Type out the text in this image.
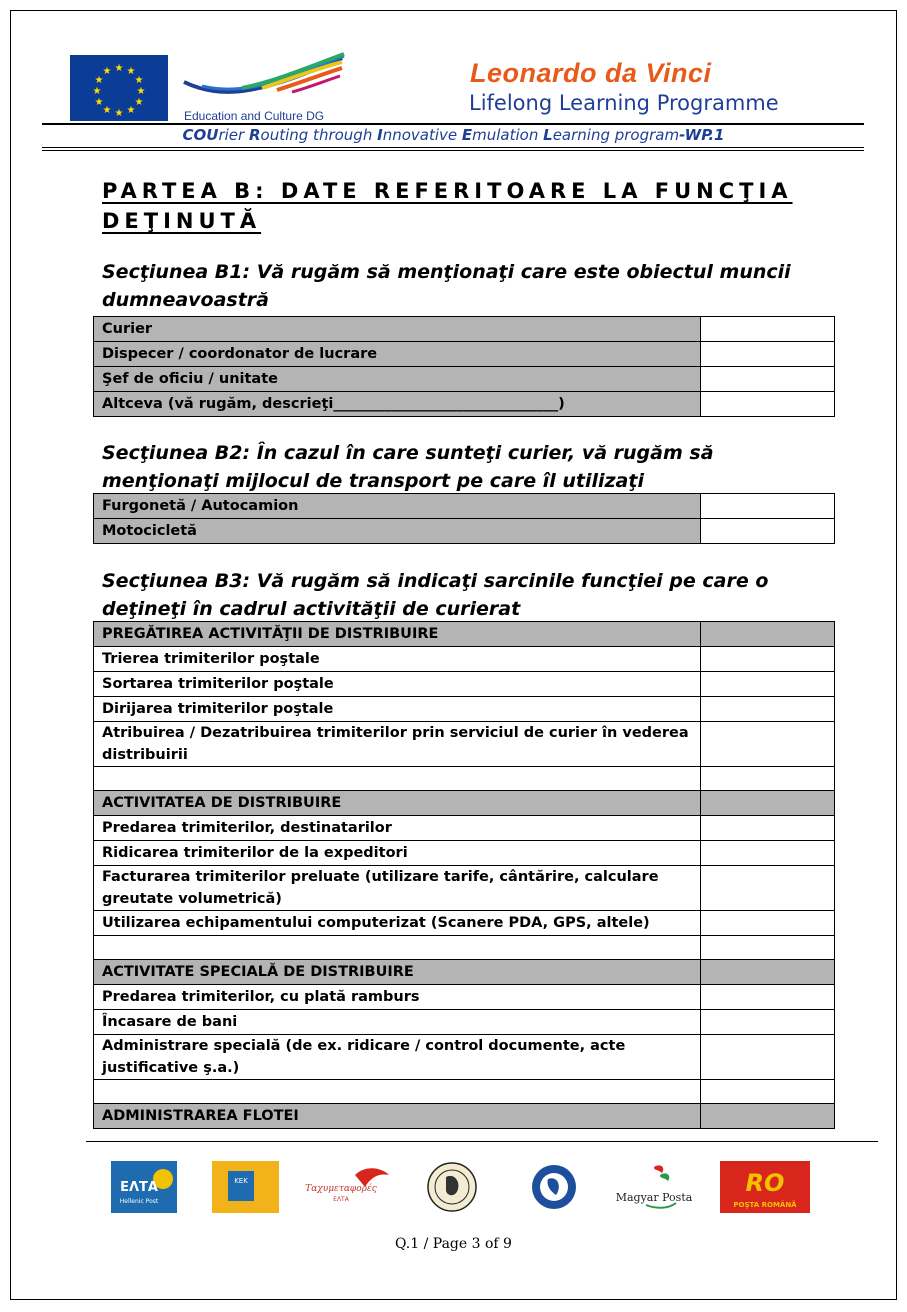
★ ★
★
★
★
★
★
★
★
★
★
★
Education and Culture DG
Leonardo da Vinci
Lifelong Learning Programme
COUrier Routing through Innovative Emulation Learning program-WP.1
PARTEA B: DATE REFERITOARE LA FUNCŢIA DEŢINUTĂ
Secţiunea B1: Vă rugăm să menţionaţi care este obiectul muncii dumneavoastră
Curier	
Dispecer / coordonator de lucrare	
Şef de oficiu / unitate	
Altceva (vă rugăm, descrieţi_______________________________)	
Secţiunea B2: În cazul în care sunteţi curier, vă rugăm să menţionaţi mijlocul de transport pe care îl utilizaţi
Furgonetă / Autocamion	
Motocicletă	
Secţiunea B3: Vă rugăm să indicaţi sarcinile funcţiei pe care o deţineţi în cadrul activităţii de curierat
PREGĂTIREA ACTIVITĂŢII DE DISTRIBUIRE	
Trierea trimiterilor poştale	
Sortarea trimiterilor poştale	
Dirijarea trimiterilor poştale	
Atribuirea / Dezatribuirea trimiterilor prin serviciul de curier în vederea distribuirii	

ACTIVITATEA DE DISTRIBUIRE	
Predarea trimiterilor, destinatarilor	
Ridicarea trimiterilor de la expeditori	
Facturarea trimiterilor preluate (utilizare tarife, cântărire, calculare greutate volumetrică)	
Utilizarea echipamentului computerizat (Scanere PDA, GPS, altele)	

ACTIVITATE SPECIALĂ DE DISTRIBUIRE	
Predarea trimiterilor, cu plată ramburs	
Încasare de bani	
Administrare specială (de ex. ridicare / control documente, acte justificative ş.a.)	

ADMINISTRAREA FLOTEI	
ΕΛΤΑ
Hellenic Post
KEK
Ταχυμεταφορές
ΕΛΤΑ	Magyar Posta
RO
POŞTA ROMÂNĂ
Q.1 / Page 3 of 9
